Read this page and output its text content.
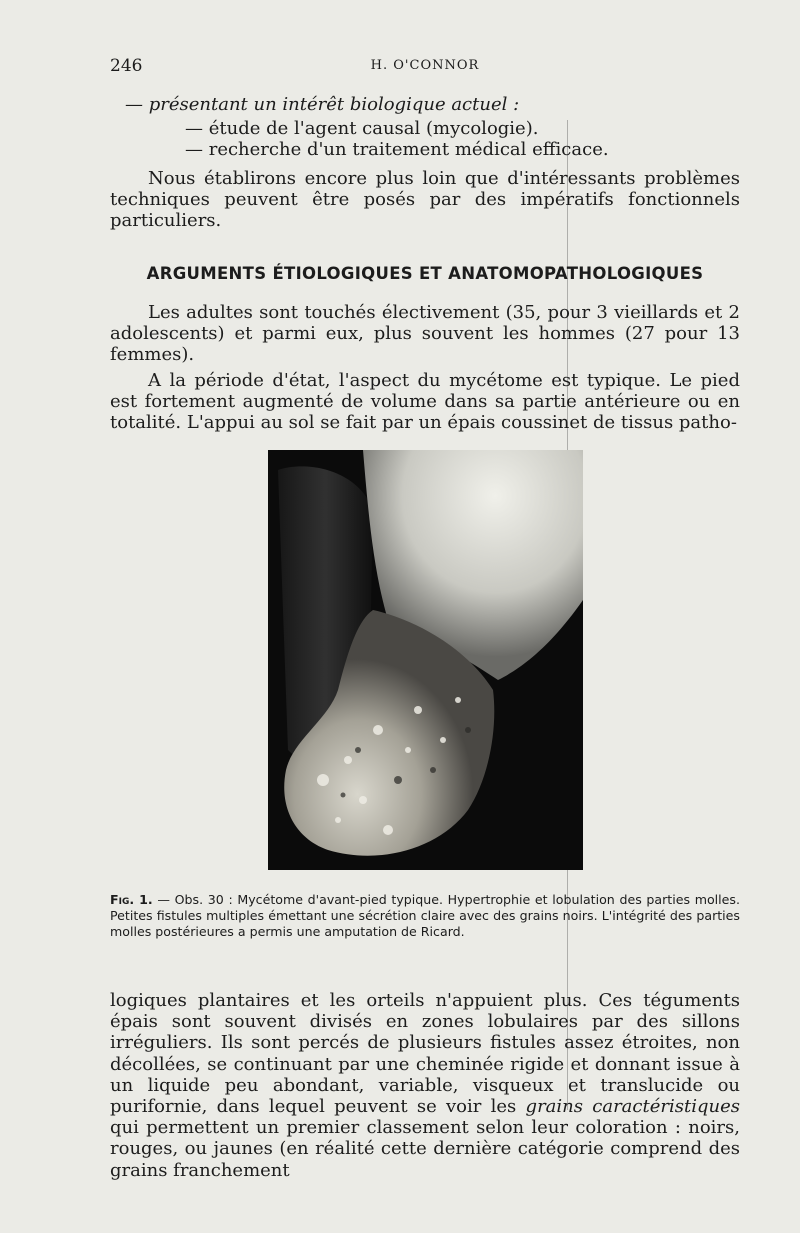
246	H. O'CONNOR
— présentant un intérêt biologique actuel :
— étude de l'agent causal (mycologie).
— recherche d'un traitement médical efficace.
Nous établirons encore plus loin que d'intéressants problèmes techniques peuvent être posés par des impératifs fonctionnels particuliers.
ARGUMENTS ÉTIOLOGIQUES ET ANATOMOPATHOLOGIQUES
Les adultes sont touchés électivement (35, pour 3 vieillards et 2 adolescents) et parmi eux, plus souvent les hommes (27 pour 13 femmes).
A la période d'état, l'aspect du mycétome est typique. Le pied est fortement augmenté de volume dans sa partie antérieure ou en totalité. L'appui au sol se fait par un épais coussinet de tissus patho-
Fig. 1. — Obs. 30 : Mycétome d'avant-pied typique. Hypertrophie et lobulation des parties molles. Petites fistules multiples émettant une sécrétion claire avec des grains noirs. L'intégrité des parties molles postérieures a permis une amputation de Ricard.
logiques plantaires et les orteils n'appuient plus. Ces téguments épais sont souvent divisés en zones lobulaires par des sillons irréguliers. Ils sont percés de plusieurs fistules assez étroites, non décollées, se continuant par une cheminée rigide et donnant issue à un liquide peu abondant, variable, visqueux et translucide ou purifornie, dans lequel peuvent se voir les grains caractéristiques qui permettent un premier classement selon leur coloration : noirs, rouges, ou jaunes (en réalité cette dernière catégorie comprend des grains franchement
